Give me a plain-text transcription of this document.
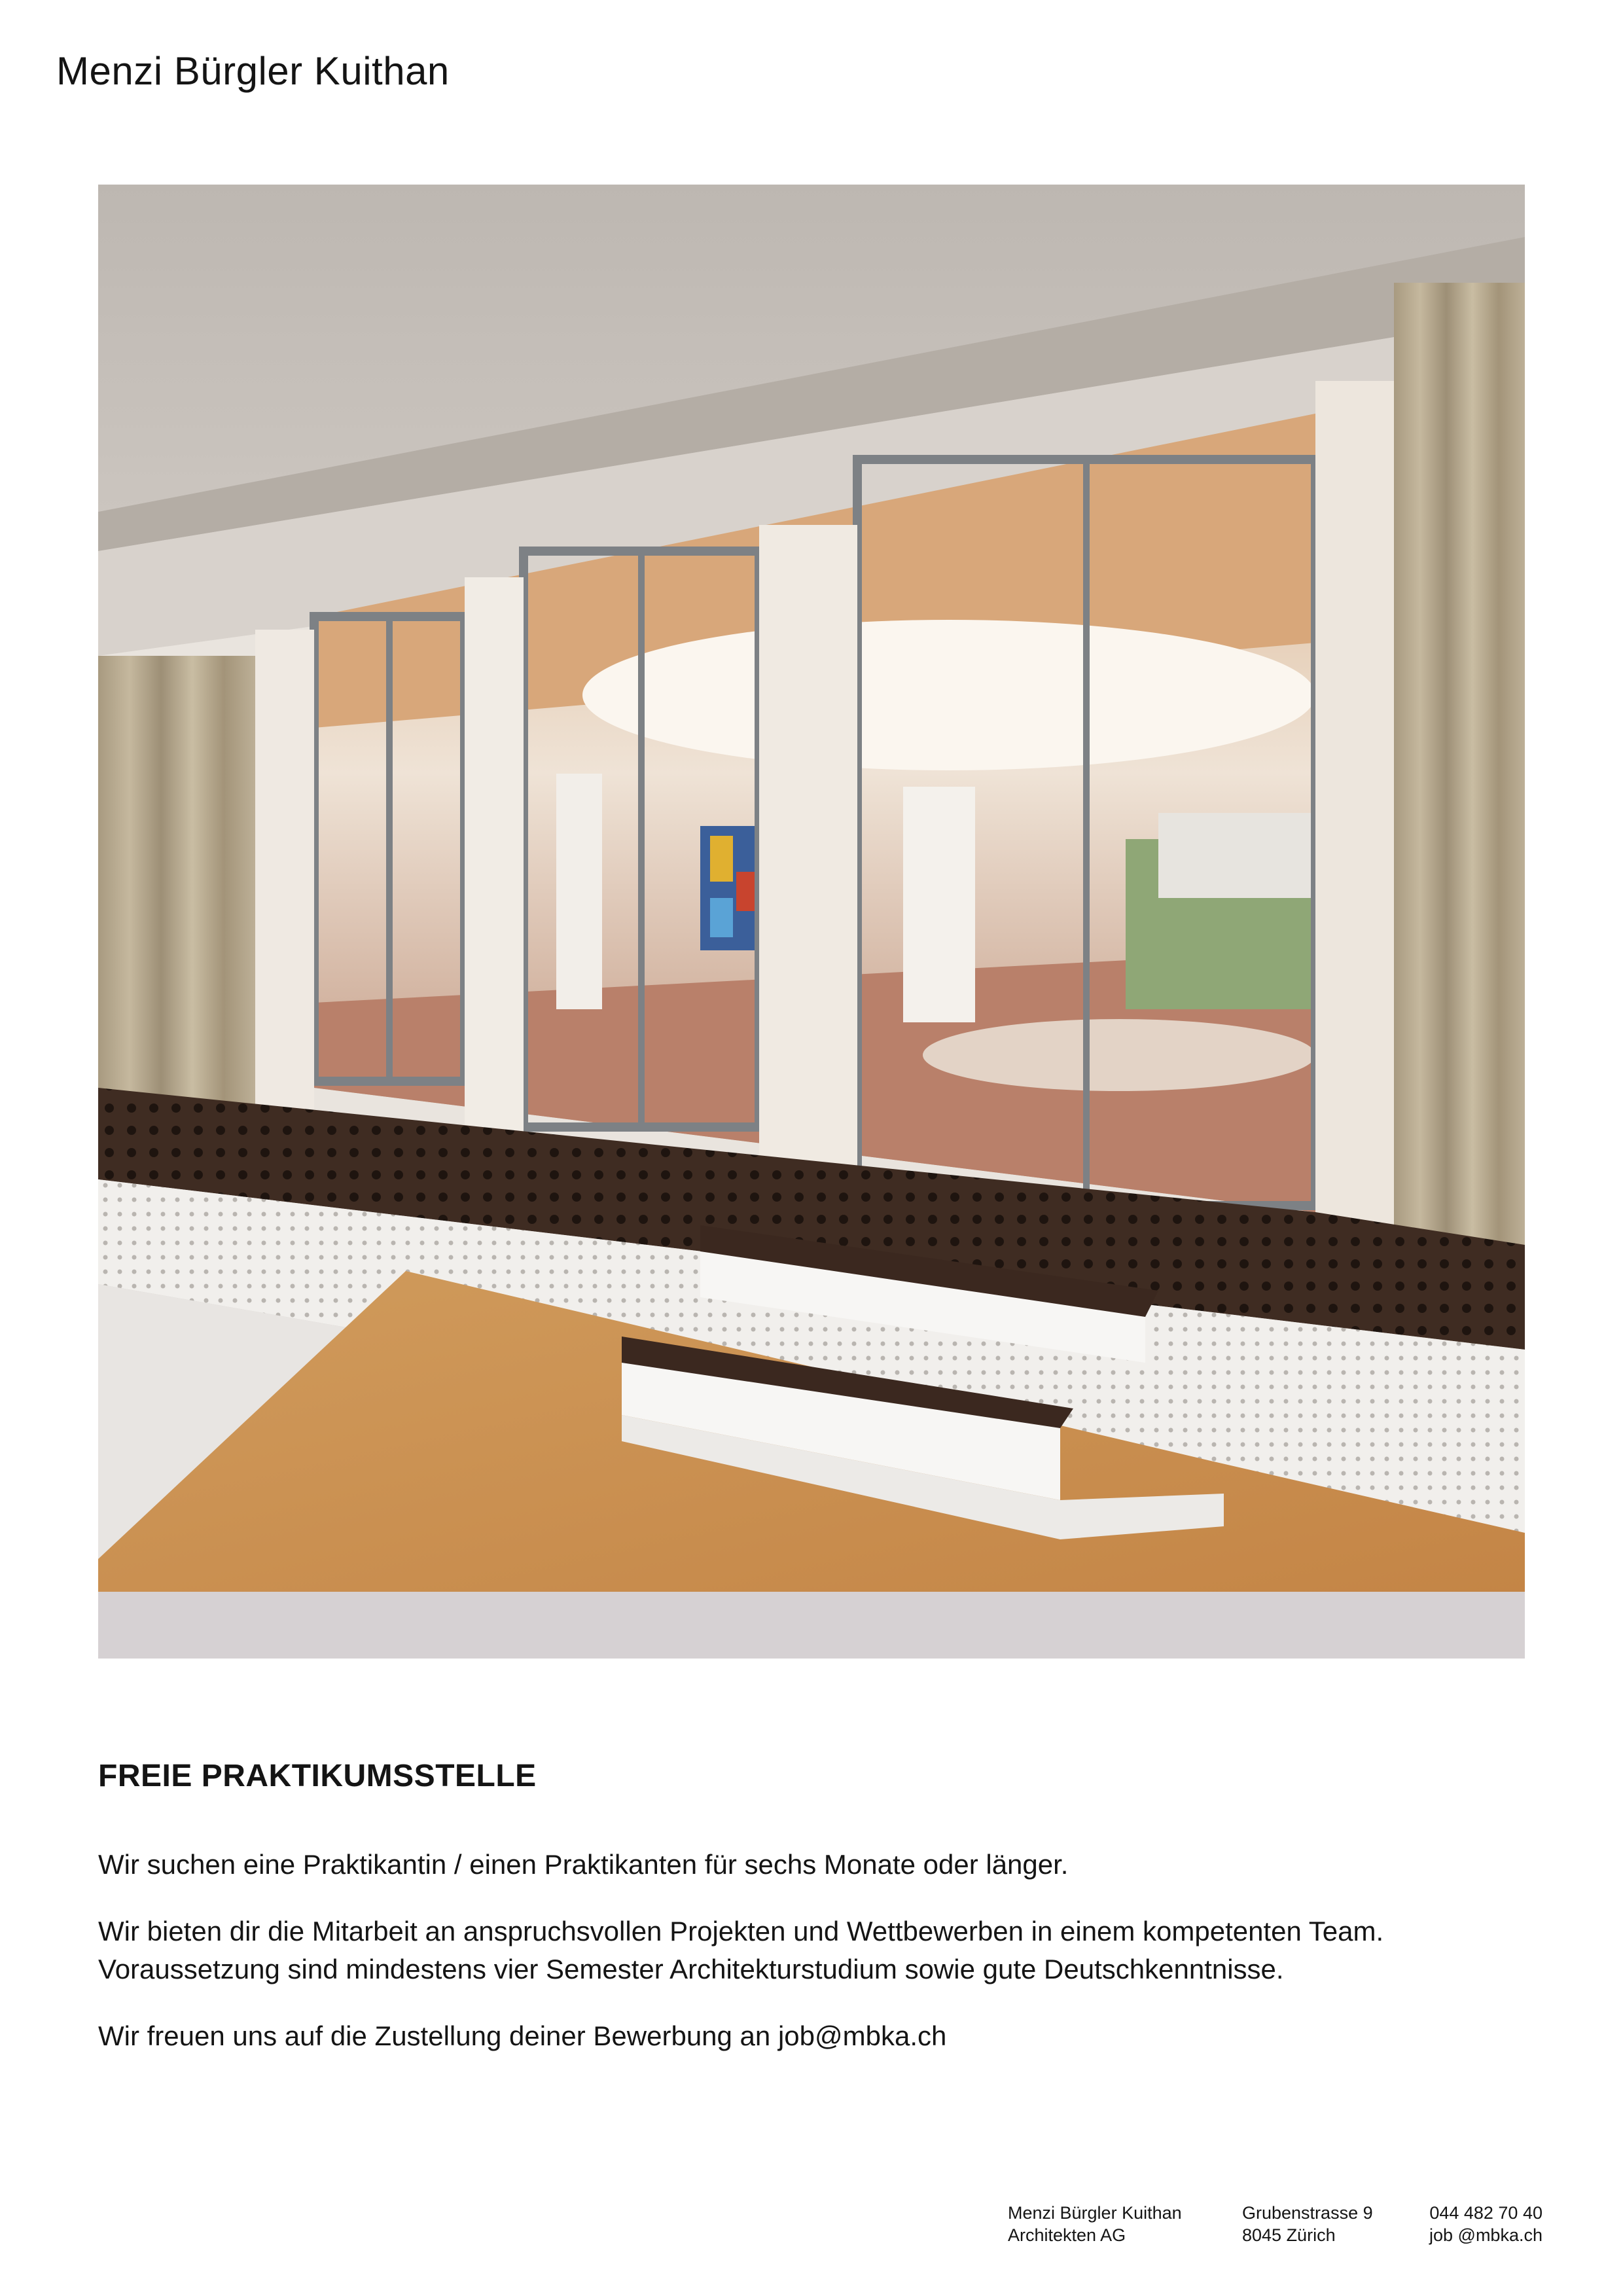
Menzi Bürgler Kuithan
FREIE PRAKTIKUMSSTELLE

Wir suchen eine Praktikantin / einen Praktikanten für sechs Monate oder länger.

Wir bieten dir die Mitarbeit an anspruchsvollen Projekten und Wettbewerben in einem kompetenten Team.

Voraussetzung sind mindestens vier Semester Architekturstudium sowie gute Deutschkenntnisse.

Wir freuen uns auf die Zustellung deiner Bewerbung an job@mbka.ch

Menzi Bürgler Kuithan
Architekten AG
Grubenstrasse 9
8045 Zürich
044 482 70 40
job @mbka.ch
